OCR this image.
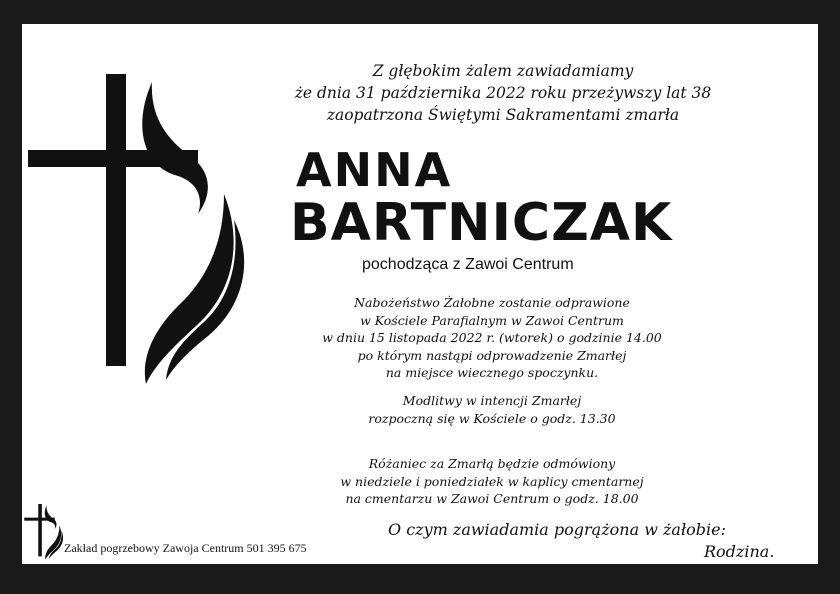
Z głębokim żalem zawiadamiamy
że dnia 31 października 2022 roku przeżywszy lat 38
zaopatrzona Świętymi Sakramentami zmarła
ANNA
BARTNICZAK
pochodząca z Zawoi Centrum
Nabożeństwo Żałobne zostanie odprawione
w Kościele Parafialnym w Zawoi Centrum
w dniu 15 listopada 2022 r. (wtorek) o godzinie 14.00
po którym nastąpi odprowadzenie Zmarłej
na miejsce wiecznego spoczynku.
Modlitwy w intencji Zmarłej
rozpoczną się w Kościele o godz. 13.30
Różaniec za Zmarłą będzie odmówiony
w niedziele i poniedziałek w kaplicy cmentarnej
na cmentarzu w Zawoi Centrum o godz. 18.00
O czym zawiadamia pogrążona w żałobie:
Rodzina.
Zakład pogrzebowy Zawoja Centrum 501 395 675
